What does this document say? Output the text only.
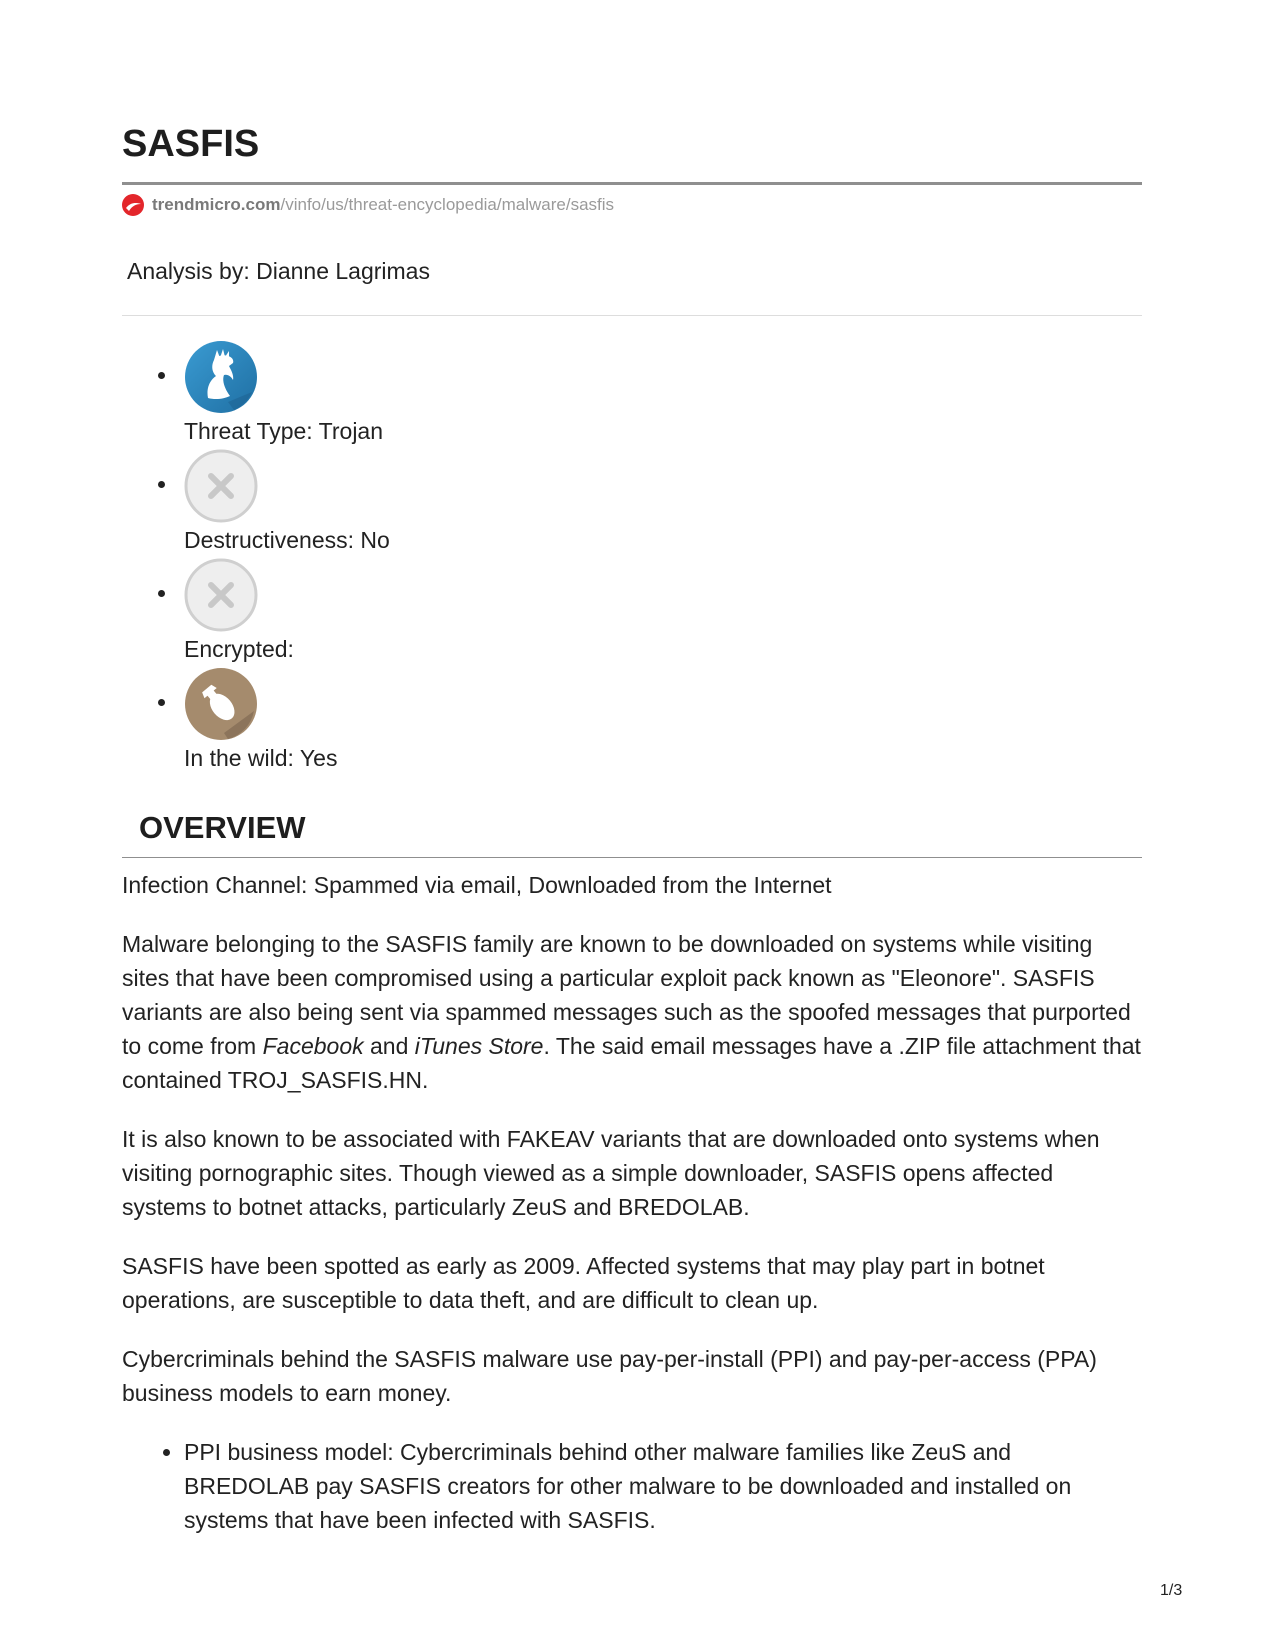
SASFIS
trendmicro.com/vinfo/us/threat-encyclopedia/malware/sasfis
Analysis by: Dianne Lagrimas
Threat Type: Trojan
Destructiveness: No
Encrypted:
In the wild: Yes
OVERVIEW

Infection Channel: Spammed via email, Downloaded from the Internet

Malware belonging to the SASFIS family are known to be downloaded on systems while visiting sites that have been compromised using a particular exploit pack known as "Eleonore". SASFIS variants are also being sent via spammed messages such as the spoofed messages that purported to come from Facebook and iTunes Store. The said email messages have a .ZIP file attachment that contained TROJ_SASFIS.HN.

It is also known to be associated with FAKEAV variants that are downloaded onto systems when visiting pornographic sites. Though viewed as a simple downloader, SASFIS opens affected systems to botnet attacks, particularly ZeuS and BREDOLAB.

SASFIS have been spotted as early as 2009. Affected systems that may play part in botnet operations, are susceptible to data theft, and are difficult to clean up.

Cybercriminals behind the SASFIS malware use pay-per-install (PPI) and pay-per-access (PPA) business models to earn money.

• PPI business model: Cybercriminals behind other malware families like ZeuS and BREDOLAB pay SASFIS creators for other malware to be downloaded and installed on systems that have been infected with SASFIS.
1/3
